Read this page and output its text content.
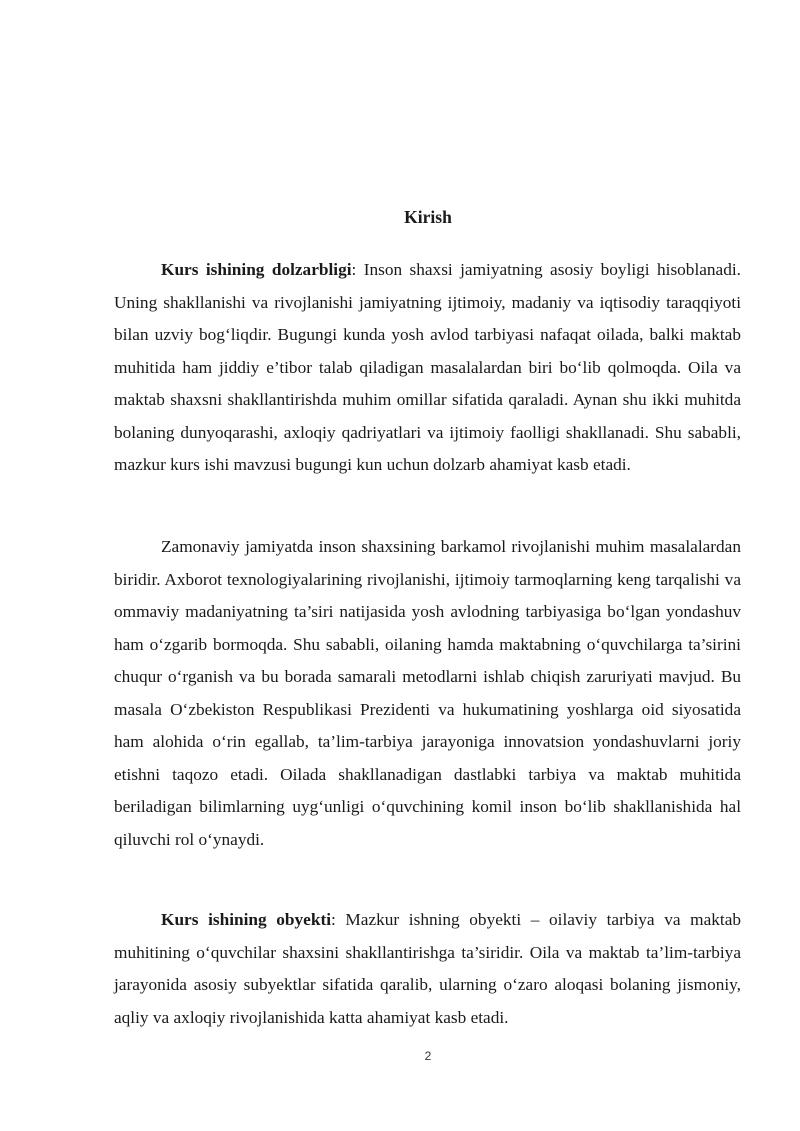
Kirish

Kurs ishining dolzarbligi: Inson shaxsi jamiyatning asosiy boyligi hisoblanadi. Uning shakllanishi va rivojlanishi jamiyatning ijtimoiy, madaniy va iqtisodiy taraqqiyoti bilan uzviy bog‘liqdir. Bugungi kunda yosh avlod tarbiyasi nafaqat oilada, balki maktab muhitida ham jiddiy e’tibor talab qiladigan masalalardan biri bo‘lib qolmoqda. Oila va maktab shaxsni shakllantirishda muhim omillar sifatida qaraladi. Aynan shu ikki muhitda bolaning dunyoqarashi, axloqiy qadriyatlari va ijtimoiy faolligi shakllanadi. Shu sababli, mazkur kurs ishi mavzusi bugungi kun uchun dolzarb ahamiyat kasb etadi.

Zamonaviy jamiyatda inson shaxsining barkamol rivojlanishi muhim masalalardan biridir. Axborot texnologiyalarining rivojlanishi, ijtimoiy tarmoqlarning keng tarqalishi va ommaviy madaniyatning ta’siri natijasida yosh avlodning tarbiyasiga bo‘lgan yondashuv ham o‘zgarib bormoqda. Shu sababli, oilaning hamda maktabning o‘quvchilarga ta’sirini chuqur o‘rganish va bu borada samarali metodlarni ishlab chiqish zaruriyati mavjud. Bu masala O‘zbekiston Respublikasi Prezidenti va hukumatining yoshlarga oid siyosatida ham alohida o‘rin egallab, ta’lim-tarbiya jarayoniga innovatsion yondashuvlarni joriy etishni taqozo etadi. Oilada shakllanadigan dastlabki tarbiya va maktab muhitida beriladigan bilimlarning uyg‘unligi o‘quvchining komil inson bo‘lib shakllanishida hal qiluvchi rol o‘ynaydi.

Kurs ishining obyekti: Mazkur ishning obyekti – oilaviy tarbiya va maktab muhitining o‘quvchilar shaxsini shakllantirishga ta’siridir. Oila va maktab ta’lim-tarbiya jarayonida asosiy subyektlar sifatida qaralib, ularning o‘zaro aloqasi bolaning jismoniy, aqliy va axloqiy rivojlanishida katta ahamiyat kasb etadi.

2
